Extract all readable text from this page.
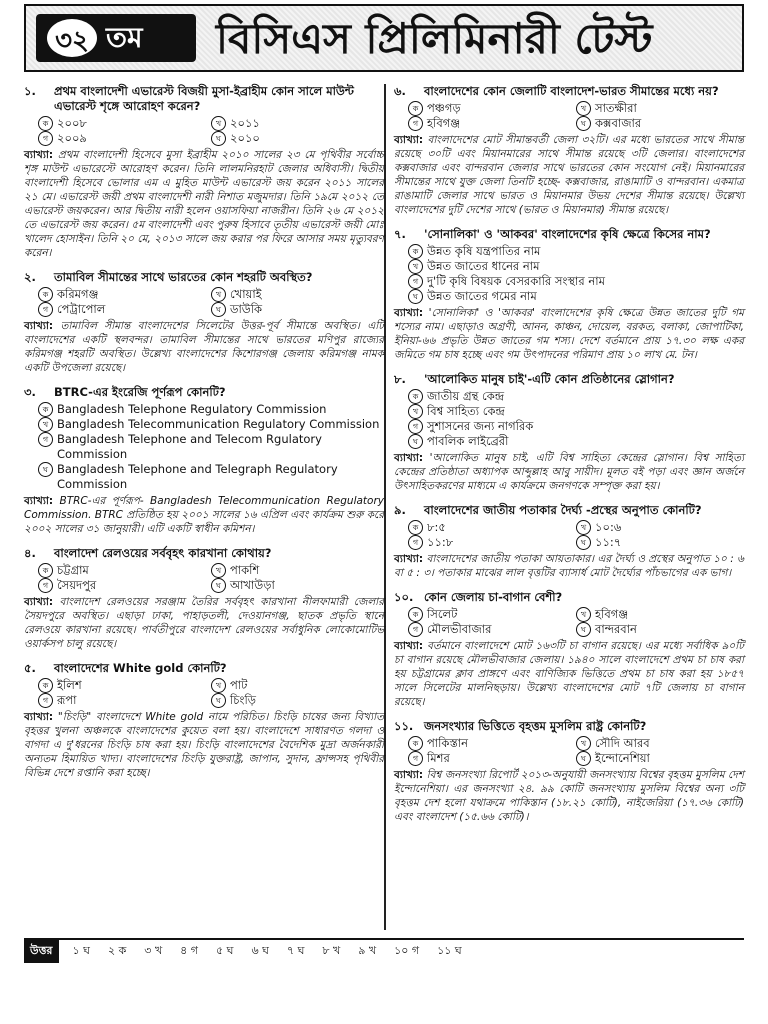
৩২ তম বিসিএস প্রিলিমিনারী টেস্ট
১.	প্রথম বাংলাদেশী এভারেস্ট বিজয়ী মুসা-ইব্রাহীম কোন সালে মাউন্ট এভারেস্ট শৃঙ্গে আরোহণ করেন?
ক ২০০৮	খ ২০১১
গ ২০০৯	ঘ ২০১০
ব্যাখ্যা: প্রথম বাংলাদেশী হিসেবে মুসা ইব্রাহীম ২০১০ সালের ২৩ মে পৃথিবীর সর্বোচ্চ শৃঙ্গ মাউন্ট এভারেস্টে আরোহণ করেন। তিনি লালমনিরহাট জেলার অধিবাসী। দ্বিতীয় বাংলাদেশী হিসেবে ভোলার এম এ মুহিত মাউন্ট এভারেস্ট জয় করেন ২০১১ সালের ২১ মে। এভারেস্ট জয়ী প্রথম বাংলাদেশী নারী নিশাত মজুমদার। তিনি ১৯মে ২০১২ তে এভারেস্ট জয়করেন। আর দ্বিতীয় নারী হলেন ওয়াসফিয়া নাজরীন। তিনি ২৬ মে ২০১২ তে এভারেস্ট জয় করেন। ৫ম বাংলাদেশী এবং পুরুষ হিসাবে তৃতীয় এভারেস্ট জয়ী মোঃ খালেদ হোসাইন। তিনি ২০ মে, ২০১৩ সালে জয় করার পর ফিরে আসার সময় মৃত্যুবরণ করেন।
২.	তামাবিল সীমান্তের সাথে ভারতের কোন শহরটি অবস্থিত?
ক করিমগঞ্জ	খ খোয়াই
গ পেট্রাপোল	ঘ ডাউকি
ব্যাখ্যা: তামাবিল সীমান্ত বাংলাদেশের সিলেটের উত্তর-পূর্ব সীমান্তে অবস্থিত। এটি বাংলাদেশের একটি স্থলবন্দর। তামাবিল সীমান্তের সাথে ভারতের মণিপুর রাজ্যের করিমগঞ্জ শহরটি অবস্থিত। উল্লেখ্য বাংলাদেশের কিশোরগঞ্জ জেলায় করিমগঞ্জ নামক একটি উপজেলা রয়েছে।
৩.	BTRC-এর ইংরেজি পূর্ণরূপ কোনটি?
ক Bangladesh Telephone Regulatory Commission
খ Bangladesh Telecommunication Regulatory Commission
গ Bangladesh Telephone and Telecom Rgulatory Commission
ঘ Bangladesh Telephone and Telegraph Regulatory Commission
ব্যাখ্যা: BTRC-এর পূর্ণরূপ- Bangladesh Telecommunication Regulatory Commission. BTRC প্রতিষ্ঠিত হয় ২০০১ সালের ১৬ এপ্রিল এবং কার্যক্রম শুরু করে ২০০২ সালের ৩১ জানুয়ারী। এটি একটি স্বাধীন কমিশন।
৪.	বাংলাদেশ রেলওয়ের সর্ববৃহৎ কারখানা কোথায়?
ক চট্টগ্রাম	খ পাকশি
গ সৈয়দপুর	ঘ আখাউড়া
ব্যাখ্যা: বাংলাদেশ রেলওয়ের সরঞ্জাম তৈরির সর্ববৃহৎ কারখানা নীলফামারী জেলার সৈয়দপুরে অবস্থিত। এছাড়া ঢাকা, পাহাড়তলী, দেওয়ানগঞ্জ, ছাতক প্রভৃতি স্থানে রেলওয়ে কারখানা রয়েছে। পার্বতীপুরে বাংলাদেশ রেলওয়ের সর্বাধুনিক লোকোমোটিভ ওয়ার্কসপ চালু রয়েছে।
৫.	বাংলাদেশের White gold কোনটি?
ক ইলিশ	খ পাট
গ রূপা	ঘ চিংড়ি
ব্যাখ্যা: "চিংড়ি" বাংলাদেশে White gold নামে পরিচিত। চিংড়ি চাষের জন্য বিখ্যাত বৃহত্তর খুলনা অঞ্চলকে বাংলাদেশের কুয়েত বলা হয়। বাংলাদেশে সাধারণত গলদা ও বাগদা এ দু'ধরনের চিংড়ি চাষ করা হয়। চিংড়ি বাংলাদেশের বৈদেশিক মুদ্রা অর্জনকারী অন্যতম হিমায়িত খাদ্য। বাংলাদেশের চিংড়ি যুক্তরাষ্ট্র, জাপান, সুদান, ফ্রান্সসহ পৃথিবীর বিভিন্ন দেশে রপ্তানি করা হচ্ছে।
৬.	বাংলাদেশের কোন জেলাটি বাংলাদেশ-ভারত সীমান্তের মধ্যে নয়?
ক পঞ্চগড়	খ সাতক্ষীরা
গ হবিগঞ্জ	ঘ কক্সবাজার
ব্যাখ্যা: বাংলাদেশের মোট সীমান্তবর্তী জেলা ৩২টি। এর মধ্যে ভারতের সাথে সীমান্ত রয়েছে ৩০টি এবং মিয়ানমারের সাথে সীমান্ত রয়েছে ৩টি জেলার। বাংলাদেশের কক্সবাজার এবং বান্দরবান জেলার সাথে ভারতের কোন সংযোগ নেই। মিয়ানমারের সীমান্তের সাথে যুক্ত জেলা তিনটি হচ্ছে- কক্সবাজার, রাঙামাটি ও বান্দরবান। একমাত্র রাঙামাটি জেলার সাথে ভারত ও মিয়ানমার উভয় দেশের সীমান্ত রয়েছে। উল্লেখ্য বাংলাদেশের দুটি দেশের সাথে (ভারত ও মিয়ানমার) সীমান্ত রয়েছে।
৭.	'সোনালিকা' ও 'আকবর' বাংলাদেশের কৃষি ক্ষেত্রে কিসের নাম?
ক উন্নত কৃষি যন্ত্রপাতির নাম
খ উন্নত জাতের ধানের নাম
গ দু'টি কৃষি বিষয়ক বেসরকারি সংস্থার নাম
ঘ উন্নত জাতের গমের নাম
ব্যাখ্যা: 'সোনালিকা' ও 'আকবর' বাংলাদেশের কৃষি ক্ষেত্রে উন্নত জাতের দুটি গম শস্যের নাম। এছাড়াও অগ্রণী, আনন, কাঞ্চন, দোয়েল, বরকত, বলাকা, জোপাটিকা, ইনিয়া-৬৬ প্রভৃতি উন্নত জাতের গম শস্য। দেশে বর্তমানে প্রায় ১৭.৩০ লক্ষ একর জমিতে গম চাষ হচ্ছে এবং গম উৎপাদনের পরিমাণ প্রায় ১০ লাখ মে. টন।
৮.	'আলোকিত মানুষ চাই'-এটি কোন প্রতিষ্ঠানের স্লোগান?
ক জাতীয় গ্রন্থ কেন্দ্র
খ বিশ্ব সাহিত্য কেন্দ্র
গ সুশাসনের জন্য নাগরিক
ঘ পাবলিক লাইব্রেরী
ব্যাখ্যা: 'আলোকিত মানুষ চাই, এটি বিশ্ব সাহিত্য কেন্দ্রের স্লোগান। বিশ্ব সাহিত্য কেন্দ্রের প্রতিষ্ঠাতা অধ্যাপক আব্দুল্লাহ আবু সায়ীদ। মূলত বই পড়া এবং জ্ঞান অর্জনে উৎসাহিতকরণের মাধ্যমে এ কার্যক্রমে জনগণকে সম্পৃক্ত করা হয়।
৯.	বাংলাদেশের জাতীয় পতাকার দৈর্ঘ্য -প্রস্থের অনুপাত কোনটি?
ক ৮:৫	খ ১০:৬
গ ১১:৮	ঘ ১১:৭
ব্যাখ্যা: বাংলাদেশের জাতীয় পতাকা আয়তাকার। এর দৈর্ঘ্য ও প্রস্থের অনুপাত ১০ : ৬ বা ৫ : ৩। পতাকার মাঝের লাল বৃত্তটির ব্যাসার্ধ মোট দৈর্ঘ্যের পাঁচভাগের এক ভাগ।
১০. কোন জেলায় চা-বাগান বেশী?
ক সিলেট	খ হবিগঞ্জ
গ মৌলভীবাজার	ঘ বান্দরবান
ব্যাখ্যা: বর্তমানে বাংলাদেশে মোট ১৬৩টি চা বাগান রয়েছে। এর মধ্যে সর্বাধিক ৯০টি চা বাগান রয়েছে মৌলভীবাজার জেলায়। ১৯৪০ সালে বাংলাদেশে প্রথম চা চাষ করা হয় চট্টগ্রামের ক্লাব প্রাঙ্গণে এবং বাণিজ্যিক ভিত্তিতে প্রথম চা চাষ করা হয় ১৮৫৭ সালে সিলেটের মালনিছড়ায়। উল্লেখ্য বাংলাদেশের মোট ৭টি জেলায় চা বাগান রয়েছে।
১১. জনসংখ্যার ভিত্তিতে বৃহত্তম মুসলিম রাষ্ট্র কোনটি?
ক পাকিস্তান	খ সৌদি আরব
গ মিশর	ঘ ইন্দোনেশিয়া
ব্যাখ্যা: বিশ্ব জনসংখ্যা রিপোর্ট ২০১৩-অনুযায়ী জনসংখ্যায় বিশ্বের বৃহত্তম মুসলিম দেশ ইন্দোনেশিয়া। এর জনসংখ্যা ২৪. ৯৯ কোটি জনসংখ্যায় মুসলিম বিশ্বের অন্য ৩টি বৃহত্তম দেশ হলো যথাক্রমে পাকিস্তান (১৮.২১ কোটি), নাইজেরিয়া (১৭.৩৬ কোটি) এবং বাংলাদেশ (১৫.৬৬ কোটি)।
উত্তর	১ ঘ ২ ক ৩ খ ৪ গ ৫ ঘ ৬ ঘ ৭ ঘ ৮ খ ৯ খ ১০ গ ১১ ঘ
